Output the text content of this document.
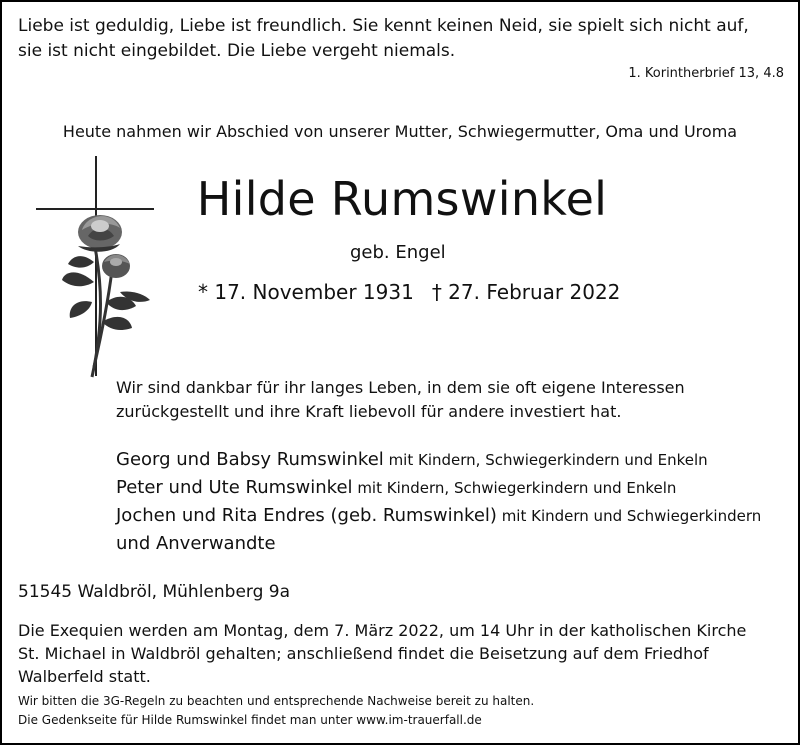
Liebe ist geduldig, Liebe ist freundlich. Sie kennt keinen Neid, sie spielt sich nicht auf,
sie ist nicht eingebildet. Die Liebe vergeht niemals.
1. Korintherbrief 13, 4.8
Heute nahmen wir Abschied von unserer Mutter, Schwiegermutter, Oma und Uroma
Hilde Rumswinkel
geb. Engel
* 17. November 1931 † 27. Februar 2022
Wir sind dankbar für ihr langes Leben, in dem sie oft eigene Interessen
zurückgestellt und ihre Kraft liebevoll für andere investiert hat.
Georg und Babsy Rumswinkel mit Kindern, Schwiegerkindern und Enkeln
Peter und Ute Rumswinkel mit Kindern, Schwiegerkindern und Enkeln
Jochen und Rita Endres (geb. Rumswinkel) mit Kindern und Schwiegerkindern
und Anverwandte
51545 Waldbröl, Mühlenberg 9a
Die Exequien werden am Montag, dem 7. März 2022, um 14 Uhr in der katholischen Kirche
St. Michael in Waldbröl gehalten; anschließend findet die Beisetzung auf dem Friedhof
Walberfeld statt.
Wir bitten die 3G-Regeln zu beachten und entsprechende Nachweise bereit zu halten.
Die Gedenkseite für Hilde Rumswinkel findet man unter www.im-trauerfall.de
